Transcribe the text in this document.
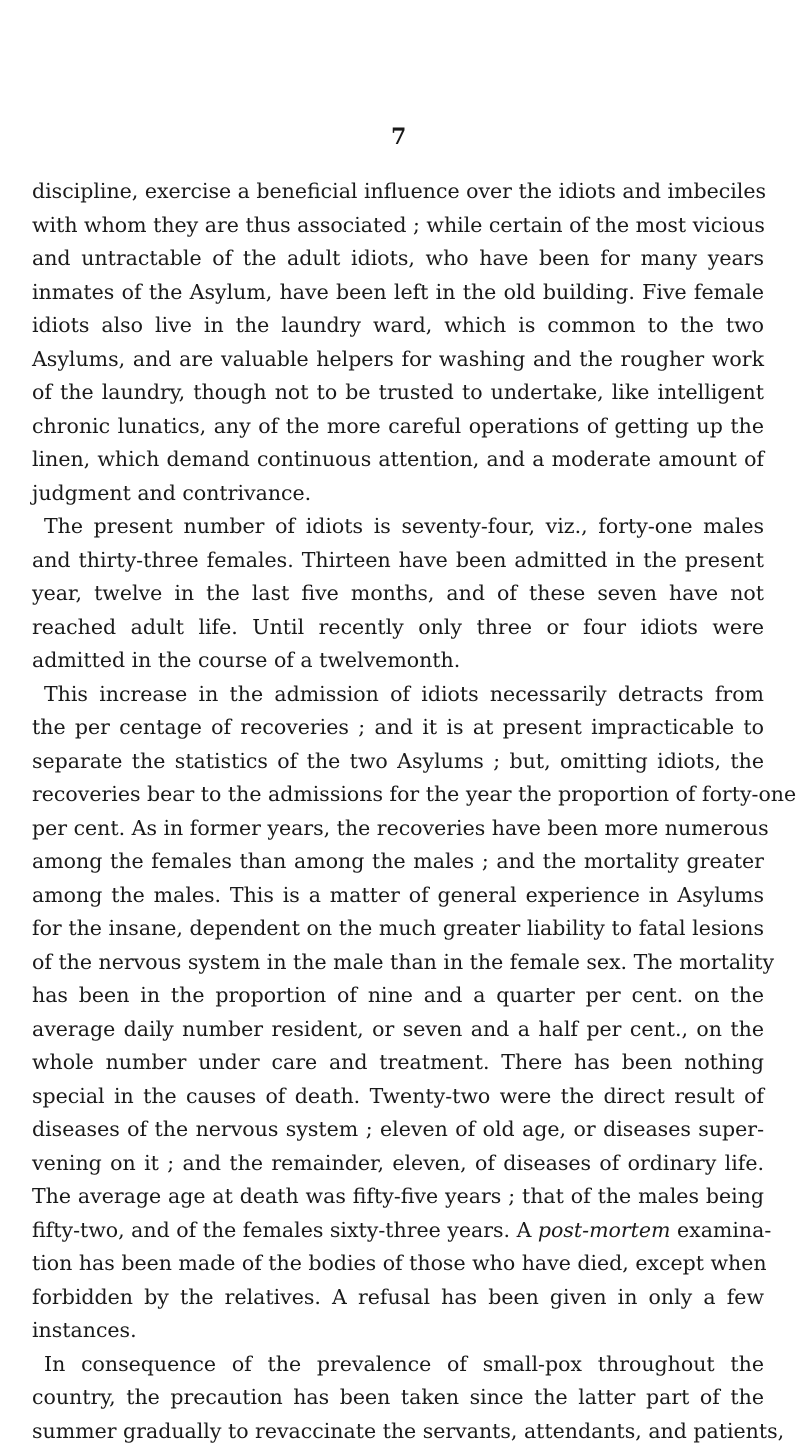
7
discipline, exercise a beneficial influence over the idiots and imbeciles
with whom they are thus associated ; while certain of the most vicious
and untractable of the adult idiots, who have been for many years
inmates of the Asylum, have been left in the old building. Five female
idiots also live in the laundry ward, which is common to the two
Asylums, and are valuable helpers for washing and the rougher work
of the laundry, though not to be trusted to undertake, like intelligent
chronic lunatics, any of the more careful operations of getting up the
linen, which demand continuous attention, and a moderate amount of
judgment and contrivance.
The present number of idiots is seventy-four, viz., forty-one males
and thirty-three females. Thirteen have been admitted in the present
year, twelve in the last five months, and of these seven have not
reached adult life. Until recently only three or four idiots were
admitted in the course of a twelvemonth.
This increase in the admission of idiots necessarily detracts from
the per centage of recoveries ; and it is at present impracticable to
separate the statistics of the two Asylums ; but, omitting idiots, the
recoveries bear to the admissions for the year the proportion of forty-one
per cent. As in former years, the recoveries have been more numerous
among the females than among the males ; and the mortality greater
among the males. This is a matter of general experience in Asylums
for the insane, dependent on the much greater liability to fatal lesions
of the nervous system in the male than in the female sex. The mortality
has been in the proportion of nine and a quarter per cent. on the
average daily number resident, or seven and a half per cent., on the
whole number under care and treatment. There has been nothing
special in the causes of death. Twenty-two were the direct result of
diseases of the nervous system ; eleven of old age, or diseases super-
vening on it ; and the remainder, eleven, of diseases of ordinary life.
The average age at death was fifty-five years ; that of the males being
fifty-two, and of the females sixty-three years. A post-mortem examina-
tion has been made of the bodies of those who have died, except when
forbidden by the relatives. A refusal has been given in only a few
instances.
In consequence of the prevalence of small-pox throughout the
country, the precaution has been taken since the latter part of the
summer gradually to revaccinate the servants, attendants, and patients,
